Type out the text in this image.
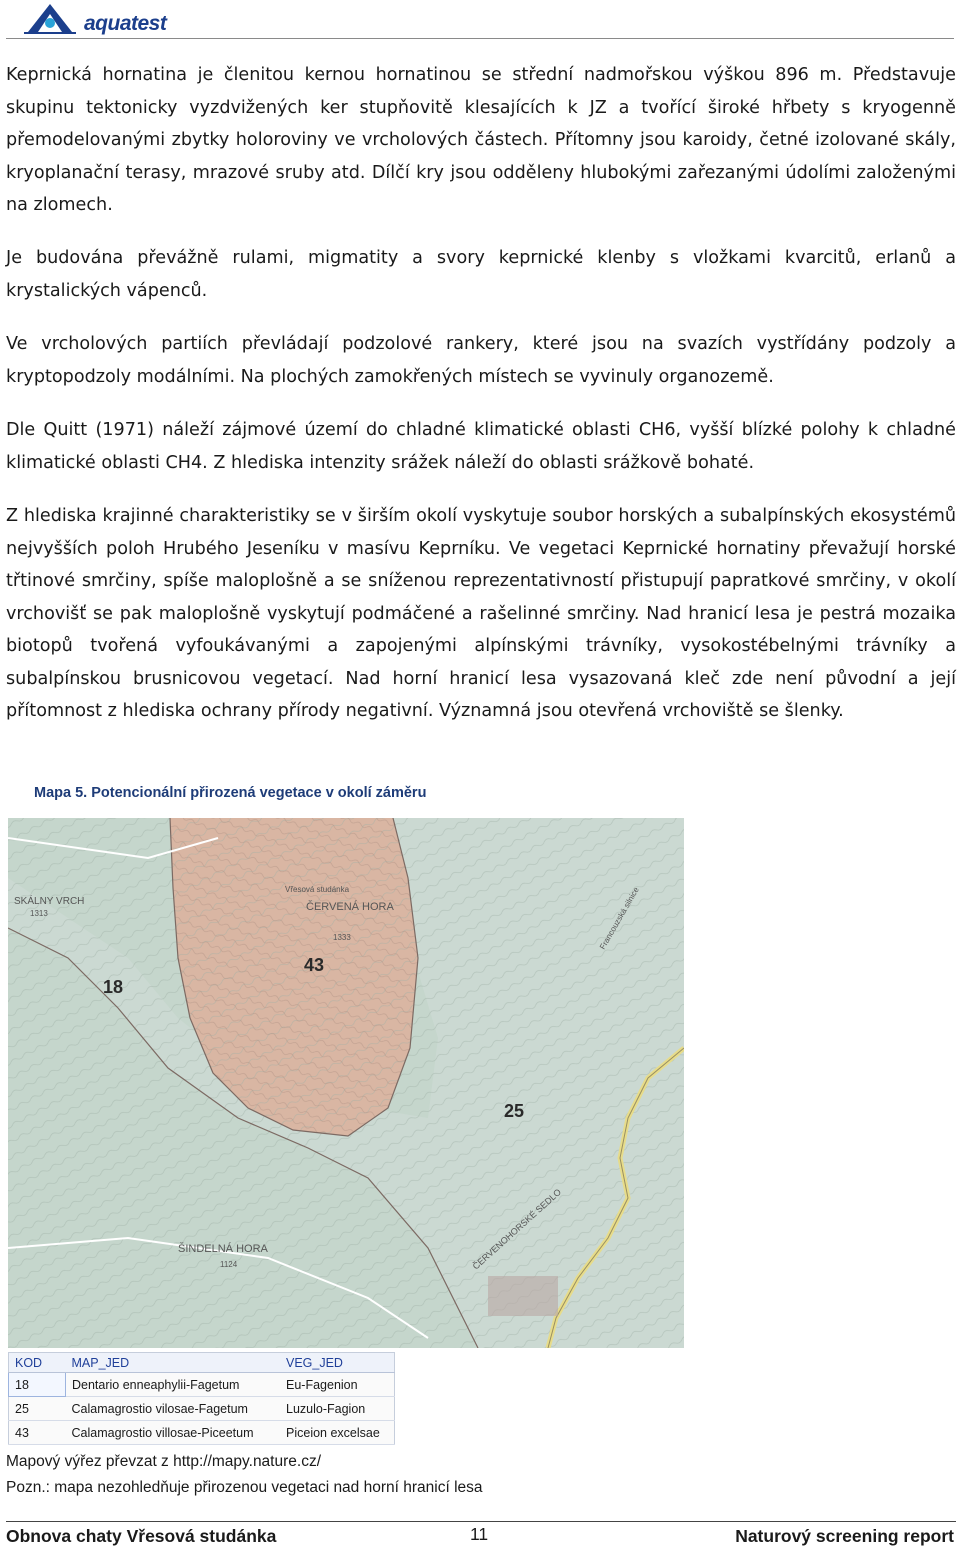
aquatest

Keprnická hornatina je členitou kernou hornatinou se střední nadmořskou výškou 896 m. Představuje skupinu tektonicky vyzdvižených ker stupňovitě klesajících k JZ a tvořící široké hřbety s kryogenně přemodelovanými zbytky holoroviny ve vrcholových částech. Přítomny jsou karoidy, četné izolované skály, kryoplanační terasy, mrazové sruby atd. Dílčí kry jsou odděleny hlubokými zařezanými údolími založenými na zlomech.

Je budována převážně rulami, migmatity a svory keprnické klenby s vložkami kvarcitů, erlanů a krystalických vápenců.

Ve vrcholových partiích převládají podzolové rankery, které jsou na svazích vystřídány podzoly a kryptopodzoly modálními. Na plochých zamokřených místech se vyvinuly organozemě.

Dle Quitt (1971) náleží zájmové území do chladné klimatické oblasti CH6, vyšší blízké polohy k chladné klimatické oblasti CH4. Z hlediska intenzity srážek náleží do oblasti srážkově bohaté.

Z hlediska krajinné charakteristiky se v širším okolí vyskytuje soubor horských a subalpínských ekosystémů nejvyšších poloh Hrubého Jeseníku v masívu Keprníku. Ve vegetaci Keprnické hornatiny převažují horské třtinové smrčiny, spíše maloplošně a se sníženou reprezentativností přistupují papratkové smrčiny, v okolí vrchovišť se pak maloplošně vyskytují podmáčené a rašelinné smrčiny. Nad hranicí lesa je pestrá mozaika biotopů tvořená vyfoukávanými a zapojenými alpínskými trávníky, vysokostébelnými trávníky a subalpínskou brusnicovou vegetací. Nad horní hranicí lesa vysazovaná kleč zde není původní a její přítomnost z hlediska ochrany přírody negativní. Významná jsou otevřená vrchoviště se šlenky.

Mapa 5. Potencionální přirozená vegetace v okolí záměru
18
43
25
ČERVENÁ HORA
1333
ŠINDELNÁ HORA
1124
SKÁLNY VRCH
1313
Vřesová studánka	Francouzská silnice
ČERVENOHORSKÉ SEDLO
KOD	MAP_JED	VEG_JED
18	Dentario enneaphylii-Fagetum	Eu-Fagenion
25	Calamagrostio vilosae-Fagetum	Luzulo-Fagion
43	Calamagrostio villosae-Piceetum	Piceion excelsae
Mapový výřez převzat z http://mapy.nature.cz/
Pozn.: mapa nezohledňuje přirozenou vegetaci nad horní hranicí lesa
Obnova chaty Vřesová studánka	11	Naturový screening report
